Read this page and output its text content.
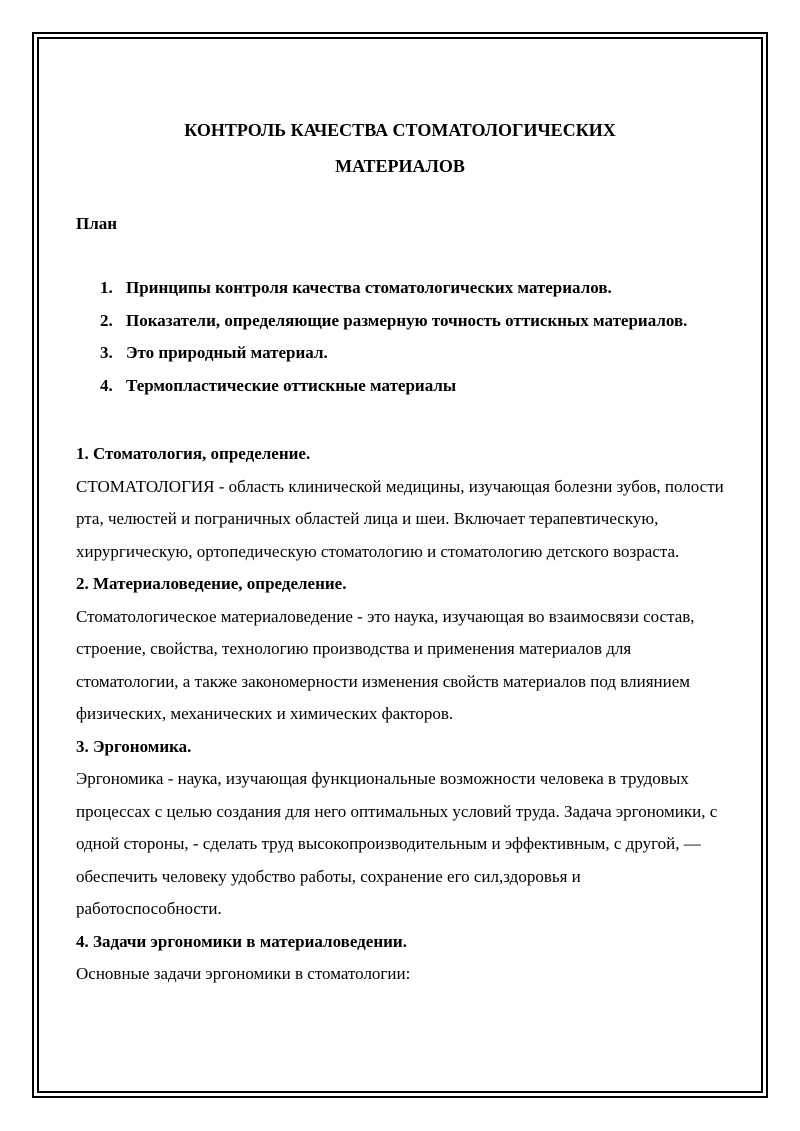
КОНТРОЛЬ КАЧЕСТВА СТОМАТОЛОГИЧЕСКИХ
МАТЕРИАЛОВ

План

1. Принципы контроля качества стоматологических материалов.
2. Показатели, определяющие размерную точность оттискных материалов.
3. Это природный материал.
4. Термопластические оттискные материалы

1. Стоматология, определение.

СТОМАТОЛОГИЯ - область клинической медицины, изучающая болезни зубов, полости рта, челюстей и пограничных областей лица и шеи. Включает терапевтическую, хирургическую, ортопедическую стоматологию и стоматологию детского возраста.

2. Материаловедение, определение.

Стоматологическое материаловедение - это наука, изучающая во взаимосвязи состав, строение, свойства, технологию производства и применения материалов для стоматологии, а также закономерности изменения свойств материалов под влиянием физических, механических и химических факторов.

3. Эргономика.

Эргономика - наука, изучающая функциональные возможности человека в трудовых процессах с целью создания для него оптимальных условий труда. Задача эргономики, с одной стороны, - сделать труд высокопроизводительным и эффективным, с другой, — обеспечить человеку удобство работы, сохранение его сил,здоровья и работоспособности.

4. Задачи эргономики в материаловедении.

Основные задачи эргономики в стоматологии:
